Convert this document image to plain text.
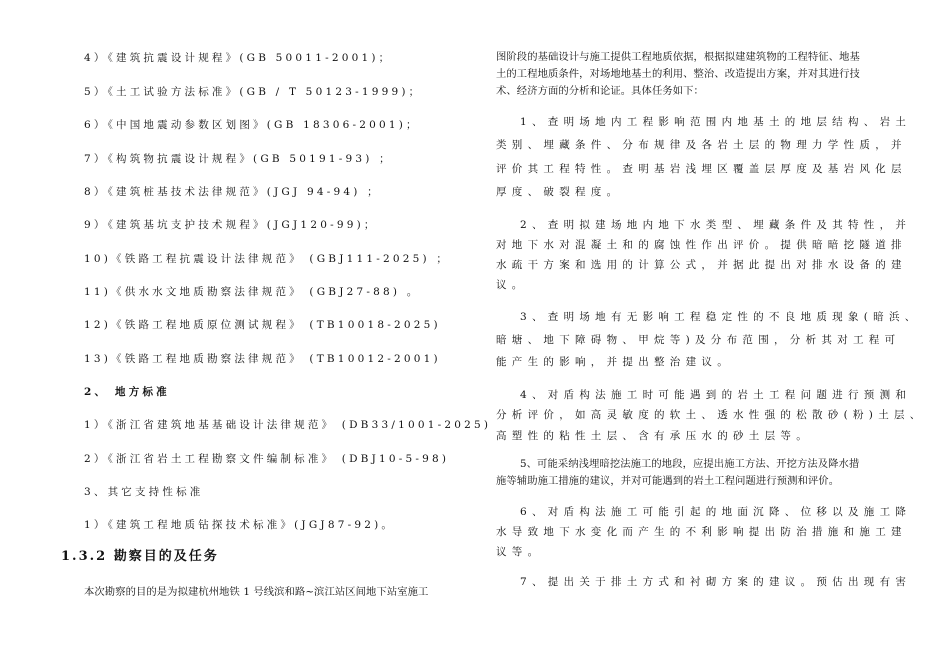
4）《建筑抗震设计规程》(GB 50011-2001)；
5）《土工试验方法标准》(GB / T 50123-1999)；
6）《中国地震动参数区划图》(GB 18306-2001)；
7）《构筑物抗震设计规程》(GB 50191-93) ；
8）《建筑桩基技术法律规范》(JGJ 94-94) ；
9）《建筑基坑支护技术规程》(JGJ120-99)；
10)《铁路工程抗震设计法律规范》 (GBJ111-2025) ；
11)《供水水文地质勘察法律规范》 (GBJ27-88) 。
12)《铁路工程地质原位测试规程》 (TB10018-2025)
13)《铁路工程地质勘察法律规范》 (TB10012-2001)
2、 地方标准
1）《浙江省建筑地基基础设计法律规范》 (DB33/1001-2025)
2）《浙江省岩土工程勘察文件编制标准》 (DBJ10-5-98)
3、其它支持性标准
1）《建筑工程地质钻探技术标准》(JGJ87-92)。
1.3.2 勘察目的及任务
本次勘察的目的是为拟建杭州地铁 1 号线滨和路~滨江站区间地下站室施工
图阶段的基础设计与施工提供工程地质依据，根据拟建建筑物的工程特征、地基
土的工程地质条件，对场地地基土的利用、整治、改造提出方案，并对其进行技
术、经济方面的分析和论证。具体任务如下：
1、查明场地内工程影响范围内地基土的地层结构、岩土
类别、埋藏条件、分布规律及各岩土层的物理力学性质，并
评价其工程特性。查明基岩浅埋区覆盖层厚度及基岩风化层
厚度、破裂程度。
2、查明拟建场地内地下水类型、埋藏条件及其特性，并
对地下水对混凝土和的腐蚀性作出评价。提供暗暗挖隧道排
水疏干方案和选用的计算公式，并据此提出对排水设备的建
议。
3、查明场地有无影响工程稳定性的不良地质现象(暗浜、
暗塘、地下障碍物、甲烷等)及分布范围，分析其对工程可
能产生的影响，并提出整治建议。
4、对盾构法施工时可能遇到的岩土工程问题进行预测和
分析评价，如高灵敏度的软土、透水性强的松散砂(粉)土层、
高塑性的粘性土层、含有承压水的砂土层等。
5、可能采纳浅埋暗挖法施工的地段，应提出施工方法、开挖方法及降水措
施等辅助施工措施的建议，并对可能遇到的岩土工程问题进行预测和评价。
6、对盾构法施工可能引起的地面沉降、位移以及施工降
水导致地下水变化而产生的不利影响提出防治措施和施工建
议等。
7、提出关于排土方式和衬砌方案的建议。预估出现有害
